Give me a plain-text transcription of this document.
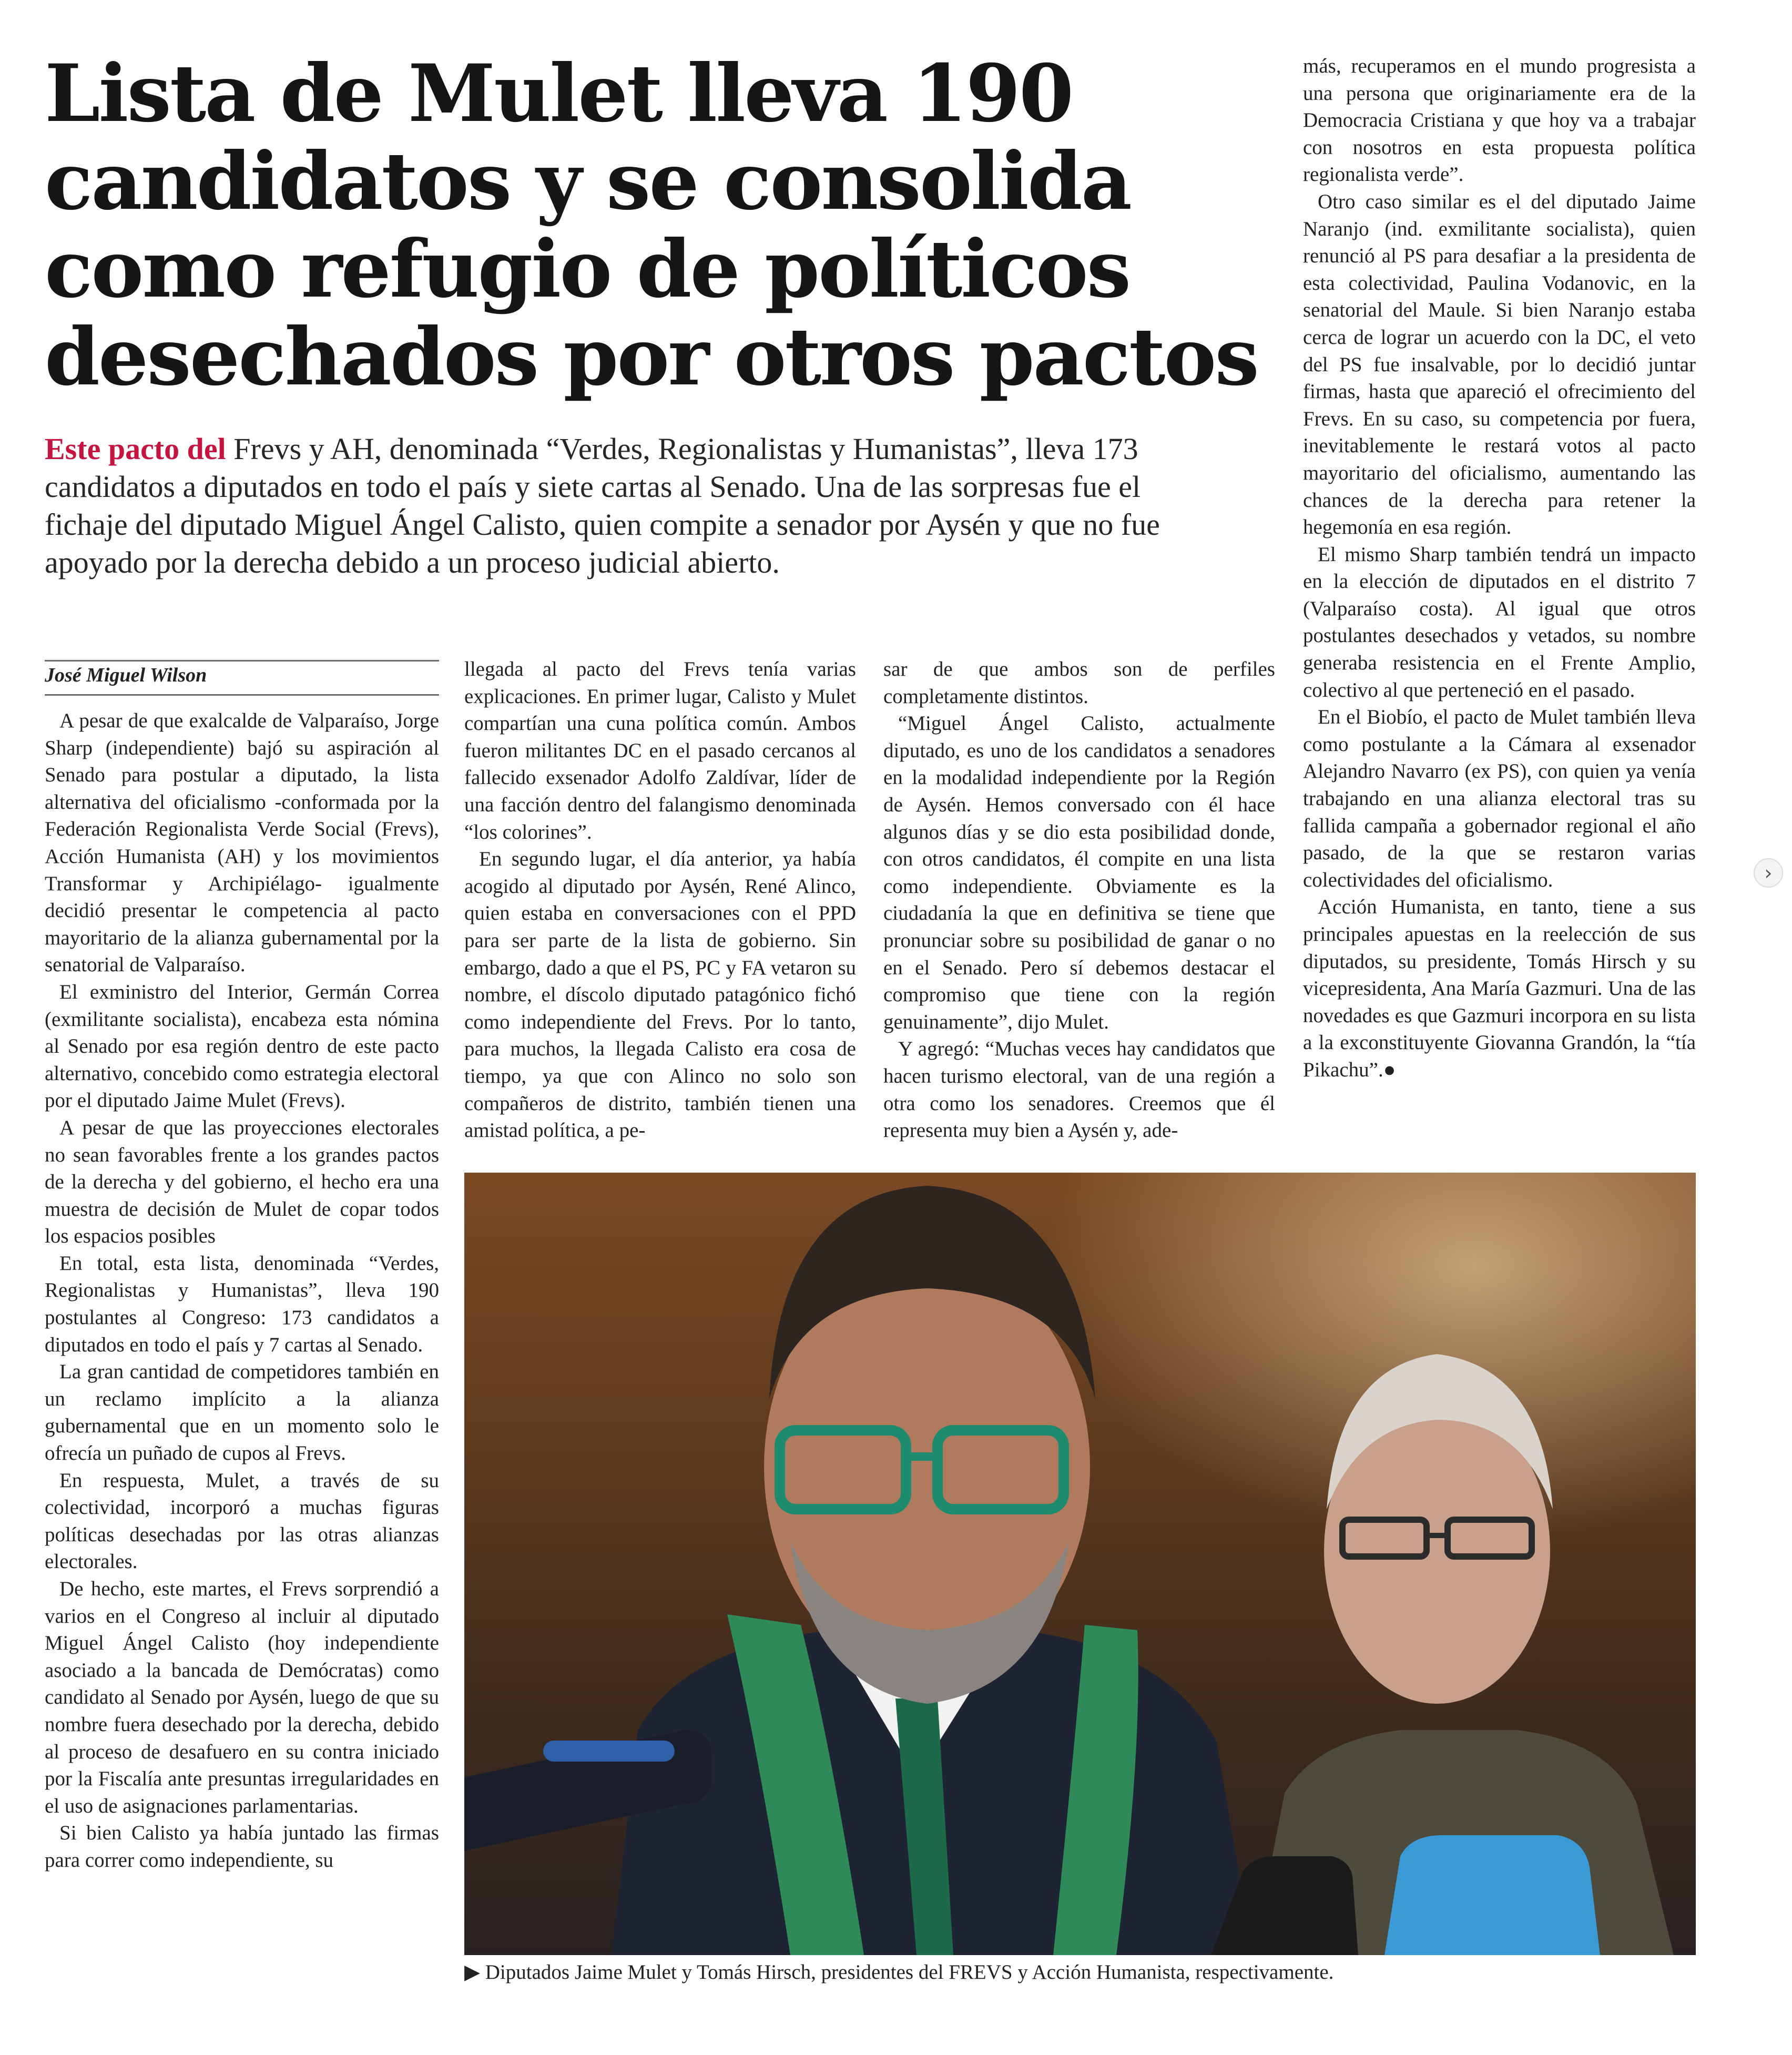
Lista de Mulet lleva 190
candidatos y se consolida
como refugio de políticos
desechados por otros pactos

Este pacto del Frevs y AH, denominada “Verdes, Regionalistas y Humanistas”, lleva 173 candidatos a diputados en todo el país y siete cartas al Senado. Una de las sorpresas fue el fichaje del diputado Miguel Ángel Calisto, quien compite a senador por Aysén y que no fue apoyado por la derecha debido a un proceso judicial abierto.

José Miguel Wilson

A pesar de que exalcalde de Valparaíso, Jorge Sharp (independiente) bajó su aspiración al Senado para postular a diputado, la lista alternativa del oficialismo -conformada por la Federación Regionalista Verde Social (Frevs), Acción Humanista (AH) y los movimientos Transformar y Archipiélago- igualmente decidió presentar le competencia al pacto mayoritario de la alianza gubernamental por la senatorial de Valparaíso.

El exministro del Interior, Germán Correa (exmilitante socialista), encabeza esta nómina al Senado por esa región dentro de este pacto alternativo, concebido como estrategia electoral por el diputado Jaime Mulet (Frevs).

A pesar de que las proyecciones electorales no sean favorables frente a los grandes pactos de la derecha y del gobierno, el hecho era una muestra de decisión de Mulet de copar todos los espacios posibles

En total, esta lista, denominada “Verdes, Regionalistas y Humanistas”, lleva 190 postulantes al Congreso: 173 candidatos a diputados en todo el país y 7 cartas al Senado.

La gran cantidad de competidores también en un reclamo implícito a la alianza gubernamental que en un momento solo le ofrecía un puñado de cupos al Frevs.

En respuesta, Mulet, a través de su colectividad, incorporó a muchas figuras políticas desechadas por las otras alianzas electorales.

De hecho, este martes, el Frevs sorprendió a varios en el Congreso al incluir al diputado Miguel Ángel Calisto (hoy independiente asociado a la bancada de Demócratas) como candidato al Senado por Aysén, luego de que su nombre fuera desechado por la derecha, debido al proceso de desafuero en su contra iniciado por la Fiscalía ante presuntas irregularidades en el uso de asignaciones parlamentarias.

Si bien Calisto ya había juntado las firmas para correr como independiente, su

llegada al pacto del Frevs tenía varias explicaciones. En primer lugar, Calisto y Mulet compartían una cuna política común. Ambos fueron militantes DC en el pasado cercanos al fallecido exsenador Adolfo Zaldívar, líder de una facción dentro del falangismo denominada “los colorines”.

En segundo lugar, el día anterior, ya había acogido al diputado por Aysén, René Alinco, quien estaba en conversaciones con el PPD para ser parte de la lista de gobierno. Sin embargo, dado a que el PS, PC y FA vetaron su nombre, el díscolo diputado patagónico fichó como independiente del Frevs. Por lo tanto, para muchos, la llegada Calisto era cosa de tiempo, ya que con Alinco no solo son compañeros de distrito, también tienen una amistad política, a pe-

sar de que ambos son de perfiles completamente distintos.

“Miguel Ángel Calisto, actualmente diputado, es uno de los candidatos a senadores en la modalidad independiente por la Región de Aysén. Hemos conversado con él hace algunos días y se dio esta posibilidad donde, con otros candidatos, él compite en una lista como independiente. Obviamente es la ciudadanía la que en definitiva se tiene que pronunciar sobre su posibilidad de ganar o no en el Senado. Pero sí debemos destacar el compromiso que tiene con la región genuinamente”, dijo Mulet.

Y agregó: “Muchas veces hay candidatos que hacen turismo electoral, van de una región a otra como los senadores. Creemos que él representa muy bien a Aysén y, ade-

más, recuperamos en el mundo progresista a una persona que originariamente era de la Democracia Cristiana y que hoy va a trabajar con nosotros en esta propuesta política regionalista verde”.

Otro caso similar es el del diputado Jaime Naranjo (ind. exmilitante socialista), quien renunció al PS para desafiar a la presidenta de esta colectividad, Paulina Vodanovic, en la senatorial del Maule. Si bien Naranjo estaba cerca de lograr un acuerdo con la DC, el veto del PS fue insalvable, por lo decidió juntar firmas, hasta que apareció el ofrecimiento del Frevs. En su caso, su competencia por fuera, inevitablemente le restará votos al pacto mayoritario del oficialismo, aumentando las chances de la derecha para retener la hegemonía en esa región.

El mismo Sharp también tendrá un impacto en la elección de diputados en el distrito 7 (Valparaíso costa). Al igual que otros postulantes desechados y vetados, su nombre generaba resistencia en el Frente Amplio, colectivo al que perteneció en el pasado.

En el Biobío, el pacto de Mulet también lleva como postulante a la Cámara al exsenador Alejandro Navarro (ex PS), con quien ya venía trabajando en una alianza electoral tras su fallida campaña a gobernador regional el año pasado, de la que se restaron varias colectividades del oficialismo.

Acción Humanista, en tanto, tiene a sus principales apuestas en la reelección de sus diputados, su presidente, Tomás Hirsch y su vicepresidenta, Ana María Gazmuri. Una de las novedades es que Gazmuri incorpora en su lista a la exconstituyente Giovanna Grandón, la “tía Pikachu”.●

▶ Diputados Jaime Mulet y Tomás Hirsch, presidentes del FREVS y Acción Humanista, respectivamente.

›
